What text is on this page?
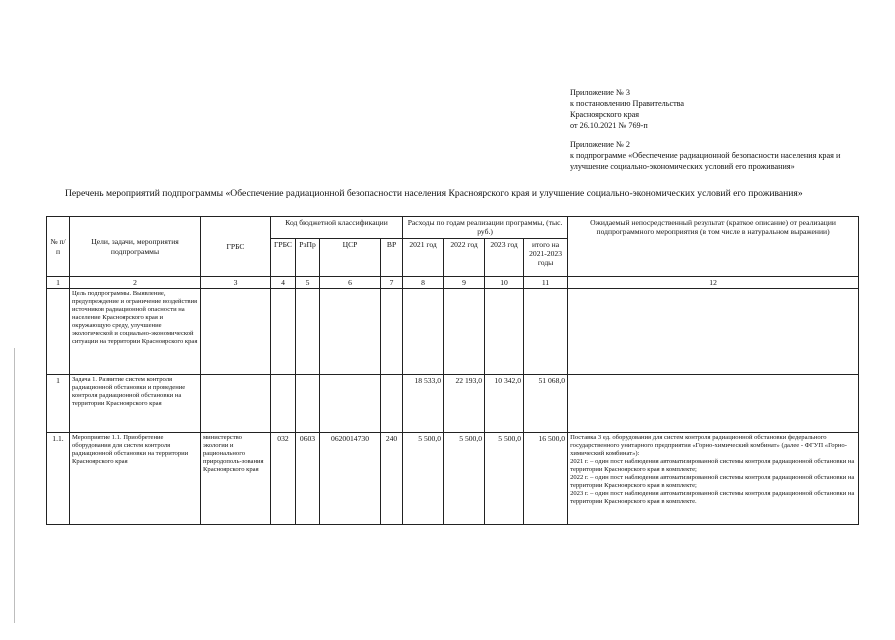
Приложение № 3
к постановлению Правительства
Красноярского края
от 26.10.2021 № 769-п
Приложение № 2
к подпрограмме «Обеспечение радиационной безопасности населения края и
улучшение социально-экономических условий его проживания»
Перечень мероприятий подпрограммы «Обеспечение радиационной безопасности населения Красноярского края и улучшение социально-экономических условий его проживания»
№ п/п	Цели, задачи, мероприятия подпрограммы	ГРБС	Код бюджетной классификации				Расходы по годам реализации программы, (тыс. руб.)				Ожидаемый непосредственный результат (краткое описание) от реализации подпрограммного мероприятия (в том числе в натуральном выражении)
			ГРБС	РзПр	ЦСР	ВР	2021 год	2022 год	2023 год	итого на 2021-2023 годы	
1	2	3	4	5	6	7	8	9	10	11	12
	Цель подпрограммы. Выявление, предупреждение и ограничение воздействия источников радиационной опасности на население Красноярского края и окружающую среду, улучшение экологической и социально-экономической ситуации на территории Красноярского края										
1	Задача 1. Развитие систем контроля радиационной обстановки и проведение контроля радиационной обстановки на территории Красноярского края						18 533,0	22 193,0	10 342,0	51 068,0	
1.1.	Мероприятие 1.1. Приобретение оборудования для систем контроля радиационной обстановки на территории Красноярского края	министерство экологии и рационального природополь-зования Красноярского края	032	0603	0620014730	240	5 500,0	5 500,0	5 500,0	16 500,0	Поставка 3 ед. оборудования для систем контроля радиационной обстановки федерального государственного унитарного предприятия «Горно-химический комбинат» (далее - ФГУП «Горно-химический комбинат»):
2021 г. – один пост наблюдения автоматизированной системы контроля радиационной обстановки на территории Красноярского края в комплекте;
2022 г. – один пост наблюдения автоматизированной системы контроля радиационной обстановки на территории Красноярского края в комплекте;
2023 г. – один пост наблюдения автоматизированной системы контроля радиационной обстановки на территории Красноярского края в комплекте.
